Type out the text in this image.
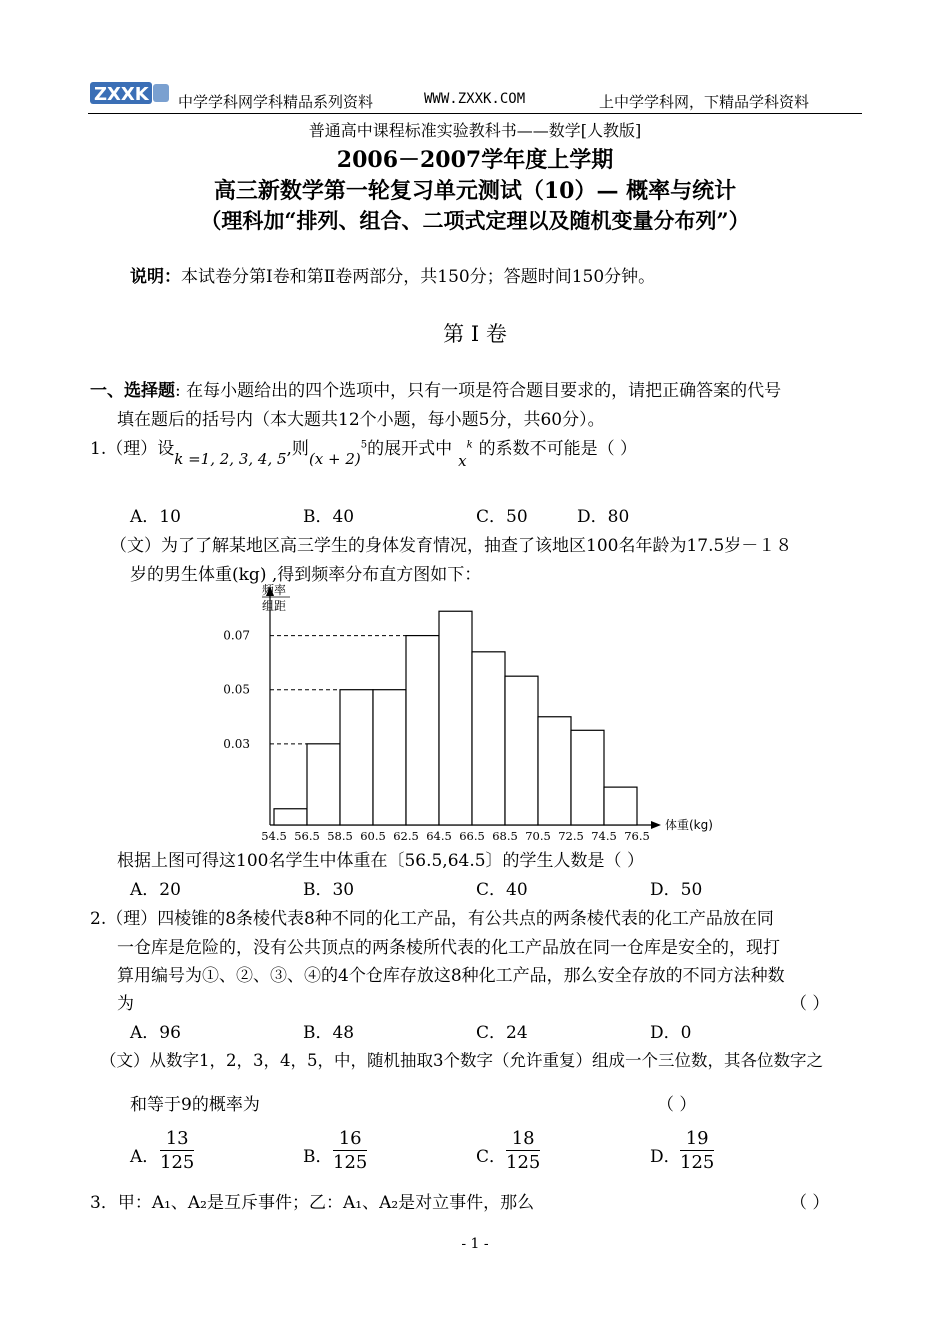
ZXXK 中学学科网学科精品系列资料	WWW.ZXXK.COM	上中学学科网，下精品学科资料
普通高中课程标准实验教科书——数学[人教版]
2006－2007学年度上学期
高三新数学第一轮复习单元测试（10）— 概率与统计
（理科加“排列、组合、二项式定理以及随机变量分布列”）
说明：本试卷分第Ⅰ卷和第Ⅱ卷两部分，共150分；答题时间150分钟。
第 Ⅰ 卷
一、选择题: 在每小题给出的四个选项中，只有一项是符合题目要求的，请把正确答案的代号
填在题后的括号内（本大题共12个小题，每小题5分，共60分）。
1.（理）设k =1, 2, 3, 4, 5,则$(x + 2)^5$的展开式中$x^k$ 的系数不可能是（ ）
A．10	B．40	C．50	D．80
（文）为了了解某地区高三学生的身体发育情况，抽查了该地区100名年龄为17.5岁－１８
岁的男生体重(kg) ,得到频率分布直方图如下：
频率
组距
0.03
0.05
0.07
54.5 56.5 58.5 60.5 62.5 64.5 66.5 68.5 70.5 72.5 74.5 76.5
体重(kg)
根据上图可得这100名学生中体重在〔56.5,64.5〕的学生人数是（ ）
A．20	B．30	C．40	D．50
2.（理）四棱锥的8条棱代表8种不同的化工产品，有公共点的两条棱代表的化工产品放在同
一仓库是危险的，没有公共顶点的两条棱所代表的化工产品放在同一仓库是安全的，现打
算用编号为①、②、③、④的4个仓库存放这8种化工产品，那么安全存放的不同方法种数
为	（ ）
A．96	B．48	C．24	D．0
（文）从数字1，2，3，4，5，中，随机抽取3个数字（允许重复）组成一个三位数，其各位数字之
和等于9的概率为	（ ）
A． $\frac{13}{125}$	B． $\frac{16}{125}$	C． $\frac{18}{125}$	D． $\frac{19}{125}$
3．甲：A₁、A₂是互斥事件；乙：A₁、A₂是对立事件，那么	（ ）
- 1 -
